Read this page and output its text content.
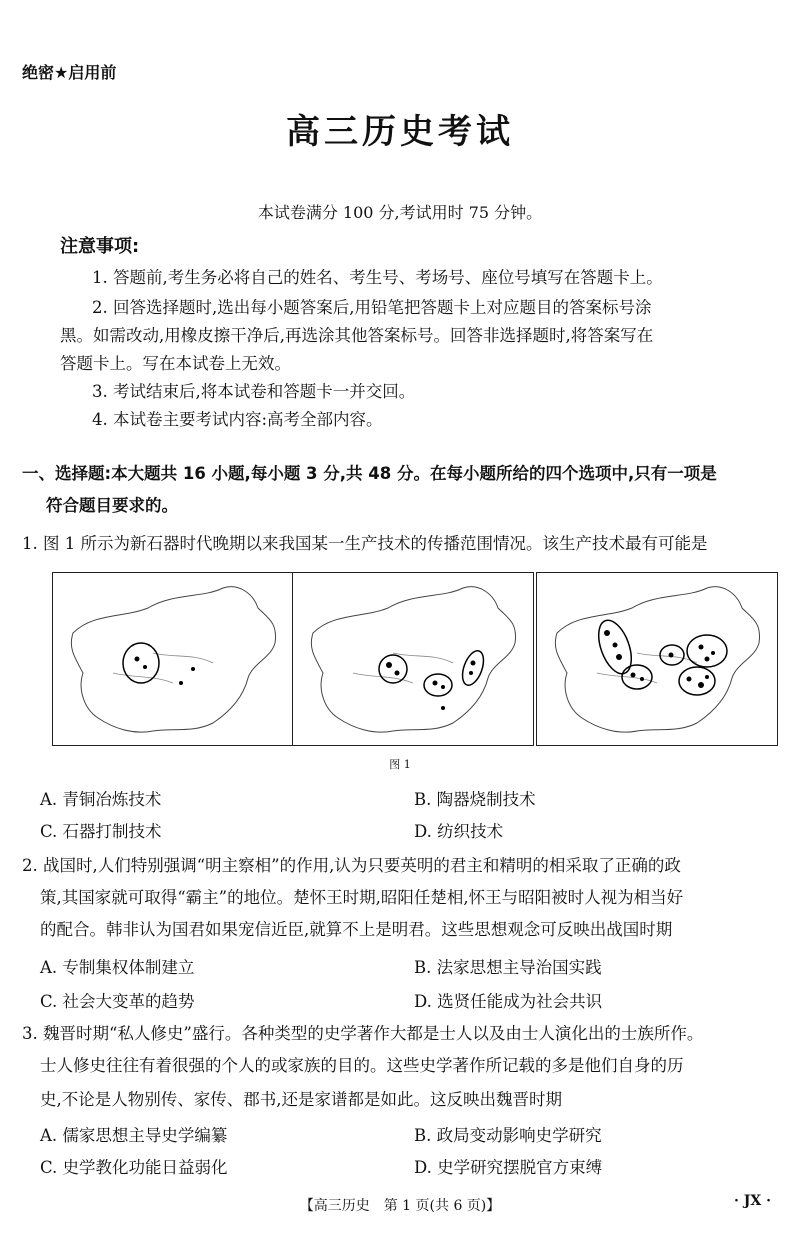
绝密★启用前
高三历史考试
本试卷满分 100 分,考试用时 75 分钟。
注意事项:
1. 答题前,考生务必将自己的姓名、考生号、考场号、座位号填写在答题卡上。
2. 回答选择题时,选出每小题答案后,用铅笔把答题卡上对应题目的答案标号涂
黑。如需改动,用橡皮擦干净后,再选涂其他答案标号。回答非选择题时,将答案写在
答题卡上。写在本试卷上无效。
3. 考试结束后,将本试卷和答题卡一并交回。
4. 本试卷主要考试内容:高考全部内容。
一、选择题:本大题共 16 小题,每小题 3 分,共 48 分。在每小题所给的四个选项中,只有一项是
符合题目要求的。
1. 图 1 所示为新石器时代晚期以来我国某一生产技术的传播范围情况。该生产技术最有可能是
图 1
A. 青铜冶炼技术	B. 陶器烧制技术
C. 石器打制技术	D. 纺织技术
2. 战国时,人们特别强调“明主察相”的作用,认为只要英明的君主和精明的相采取了正确的政
策,其国家就可取得“霸主”的地位。楚怀王时期,昭阳任楚相,怀王与昭阳被时人视为相当好
的配合。韩非认为国君如果宠信近臣,就算不上是明君。这些思想观念可反映出战国时期
A. 专制集权体制建立	B. 法家思想主导治国实践
C. 社会大变革的趋势	D. 选贤任能成为社会共识
3. 魏晋时期“私人修史”盛行。各种类型的史学著作大都是士人以及由士人演化出的士族所作。
士人修史往往有着很强的个人的或家族的目的。这些史学著作所记载的多是他们自身的历
史,不论是人物别传、家传、郡书,还是家谱都是如此。这反映出魏晋时期
A. 儒家思想主导史学编纂	B. 政局变动影响史学研究
C. 史学教化功能日益弱化	D. 史学研究摆脱官方束缚
【高三历史　第 1 页(共 6 页)】	· JX ·
